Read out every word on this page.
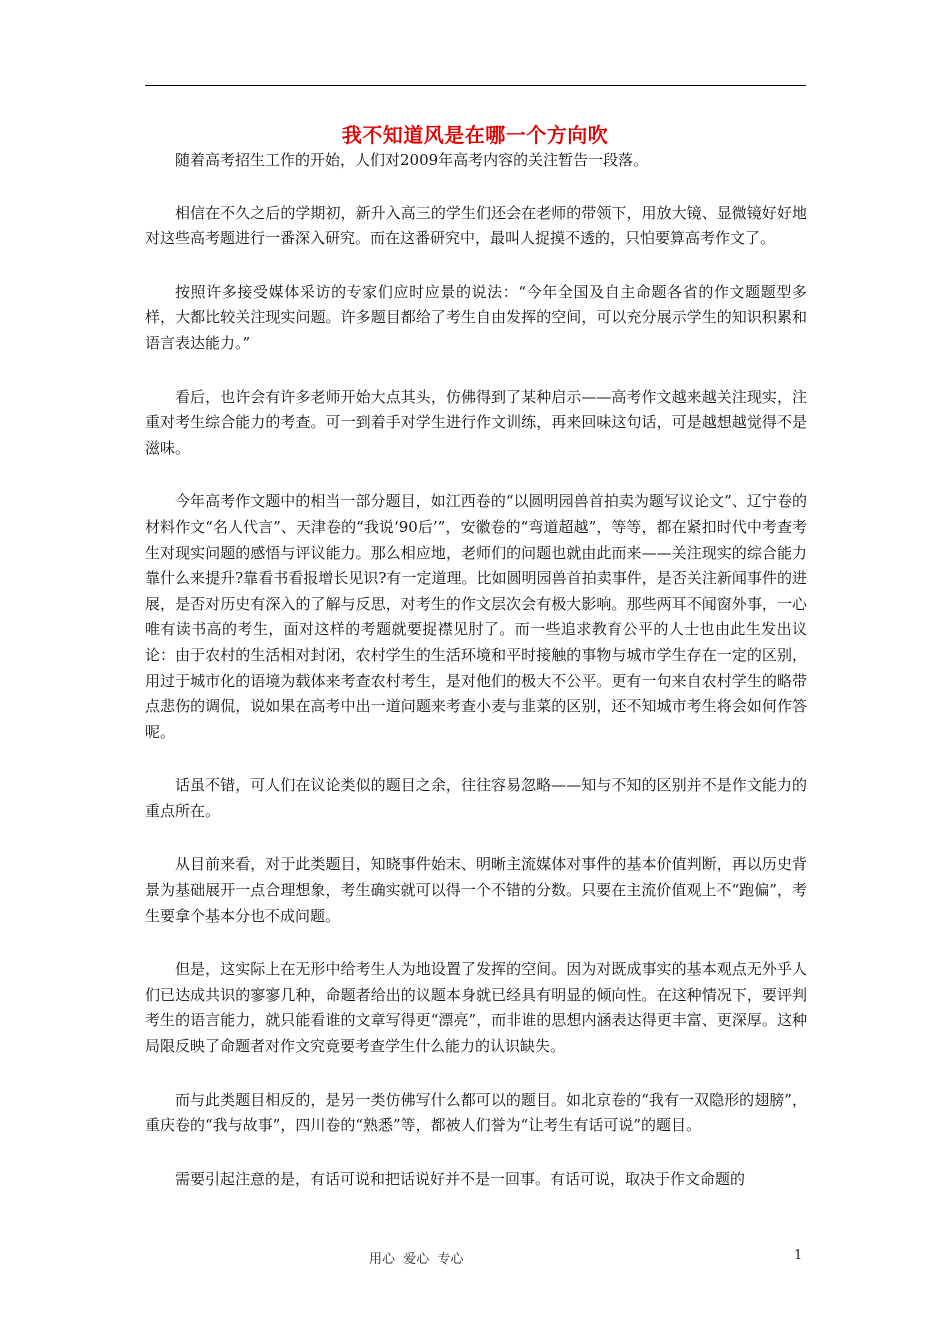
我不知道风是在哪一个方向吹

随着高考招生工作的开始，人们对2009年高考内容的关注暂告一段落。

相信在不久之后的学期初，新升入高三的学生们还会在老师的带领下，用放大镜、显微镜好好地对这些高考题进行一番深入研究。而在这番研究中，最叫人捉摸不透的，只怕要算高考作文了。

按照许多接受媒体采访的专家们应时应景的说法：“今年全国及自主命题各省的作文题题型多样，大都比较关注现实问题。许多题目都给了考生自由发挥的空间，可以充分展示学生的知识积累和语言表达能力。”

看后，也许会有许多老师开始大点其头，仿佛得到了某种启示——高考作文越来越关注现实，注重对考生综合能力的考查。可一到着手对学生进行作文训练，再来回味这句话，可是越想越觉得不是滋味。

今年高考作文题中的相当一部分题目，如江西卷的“以圆明园兽首拍卖为题写议论文”、辽宁卷的材料作文“名人代言”、天津卷的“我说‘90后’”，安徽卷的“弯道超越”，等等，都在紧扣时代中考查考生对现实问题的感悟与评议能力。那么相应地，老师们的问题也就由此而来——关注现实的综合能力靠什么来提升?靠看书看报增长见识?有一定道理。比如圆明园兽首拍卖事件，是否关注新闻事件的进展，是否对历史有深入的了解与反思，对考生的作文层次会有极大影响。那些两耳不闻窗外事，一心唯有读书高的考生，面对这样的考题就要捉襟见肘了。而一些追求教育公平的人士也由此生发出议论：由于农村的生活相对封闭，农村学生的生活环境和平时接触的事物与城市学生存在一定的区别，用过于城市化的语境为载体来考查农村考生，是对他们的极大不公平。更有一句来自农村学生的略带点悲伤的调侃，说如果在高考中出一道问题来考查小麦与韭菜的区别，还不知城市考生将会如何作答呢。

话虽不错，可人们在议论类似的题目之余，往往容易忽略——知与不知的区别并不是作文能力的重点所在。

从目前来看，对于此类题目，知晓事件始末、明晰主流媒体对事件的基本价值判断，再以历史背景为基础展开一点合理想象，考生确实就可以得一个不错的分数。只要在主流价值观上不“跑偏”，考生要拿个基本分也不成问题。

但是，这实际上在无形中给考生人为地设置了发挥的空间。因为对既成事实的基本观点无外乎人们已达成共识的寥寥几种，命题者给出的议题本身就已经具有明显的倾向性。在这种情况下，要评判考生的语言能力，就只能看谁的文章写得更“漂亮”，而非谁的思想内涵表达得更丰富、更深厚。这种局限反映了命题者对作文究竟要考查学生什么能力的认识缺失。

而与此类题目相反的，是另一类仿佛写什么都可以的题目。如北京卷的“我有一双隐形的翅膀”，重庆卷的“我与故事”，四川卷的“熟悉”等，都被人们誉为“让考生有话可说”的题目。

需要引起注意的是，有话可说和把话说好并不是一回事。有话可说，取决于作文命题的

用心  爱心  专心	1
